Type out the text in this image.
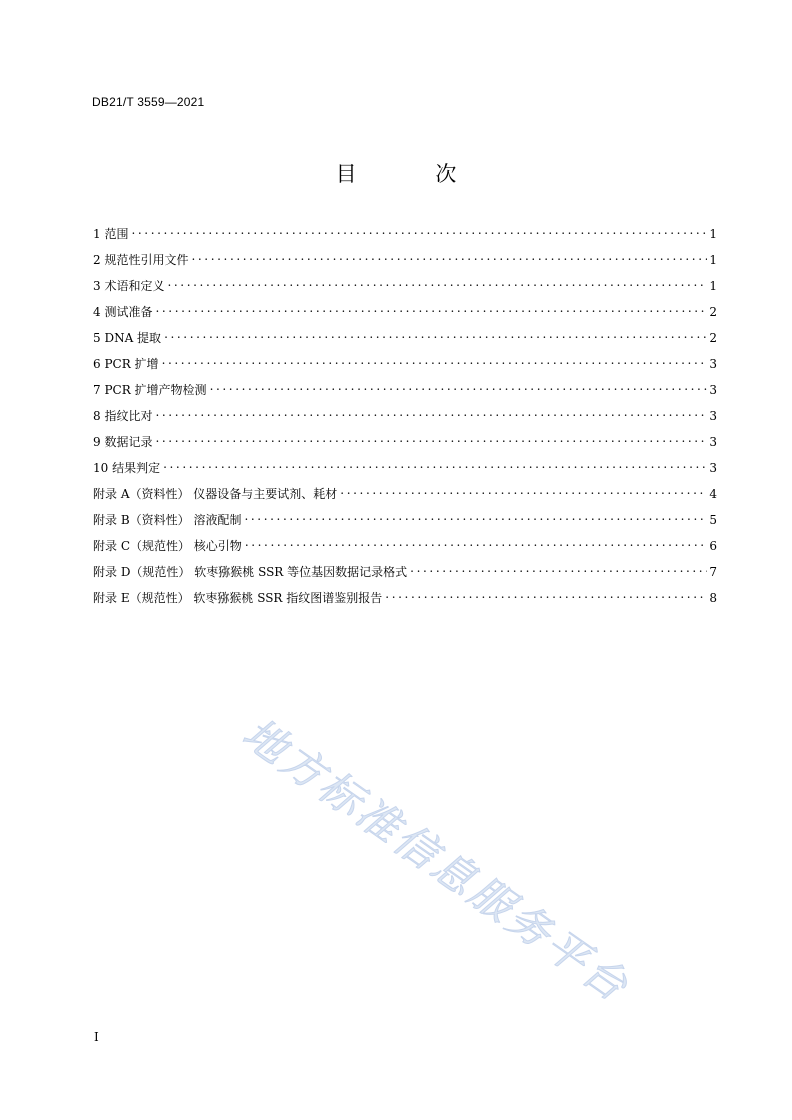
DB21/T 3559—2021
目 次
1 范围 .....	1
2 规范性引用文件 .....	1
3 术语和定义 .....	1
4 测试准备 .....	2
5 DNA 提取 .....	2
6 PCR 扩增 .....	3
7 PCR 扩增产物检测 .....	3
8 指纹比对 .....	3
9 数据记录 .....	3
10 结果判定 .....	3
附录 A（资料性） 仪器设备与主要试剂、耗材 .....	4
附录 B（资料性） 溶液配制 .....	5
附录 C（规范性） 核心引物 .....	6
附录 D（规范性） 软枣猕猴桃 SSR 等位基因数据记录格式 .....	7
附录 E（规范性） 软枣猕猴桃 SSR 指纹图谱鉴别报告 .....	8
地方标准信息服务平台
I
